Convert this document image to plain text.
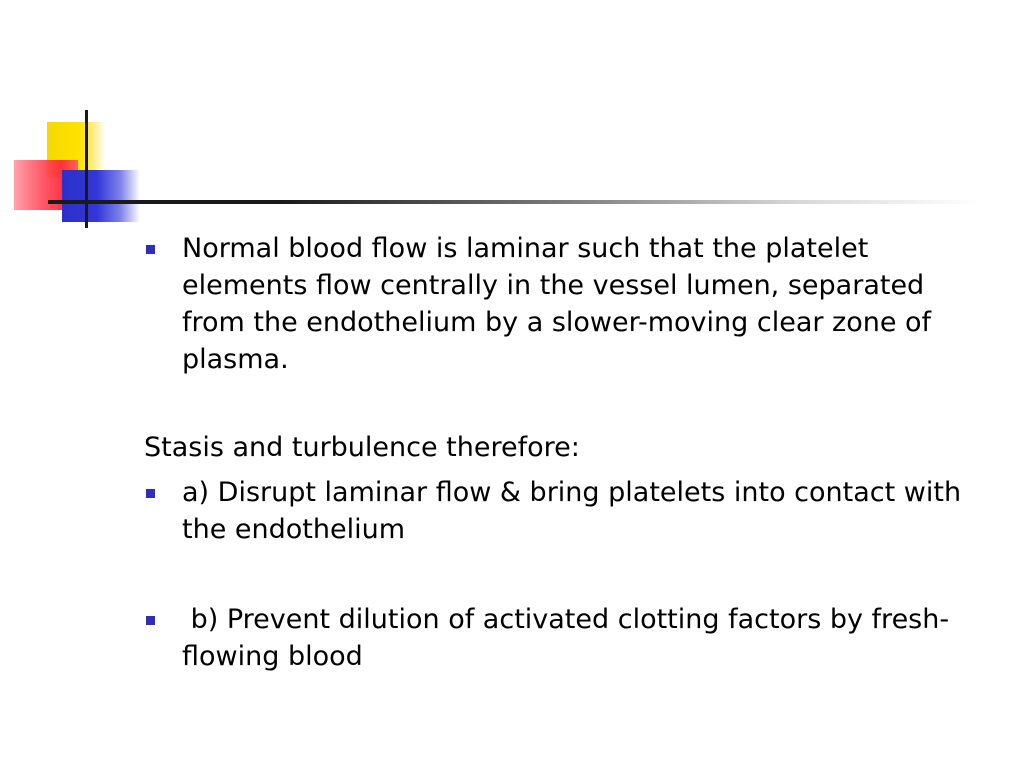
Normal blood flow is laminar such that the platelet elements flow centrally in the vessel lumen, separated from the endothelium by a slower-moving clear zone of plasma.
Stasis and turbulence therefore:
a) Disrupt laminar flow & bring platelets into contact with the endothelium
b) Prevent dilution of activated clotting factors by fresh-flowing blood
